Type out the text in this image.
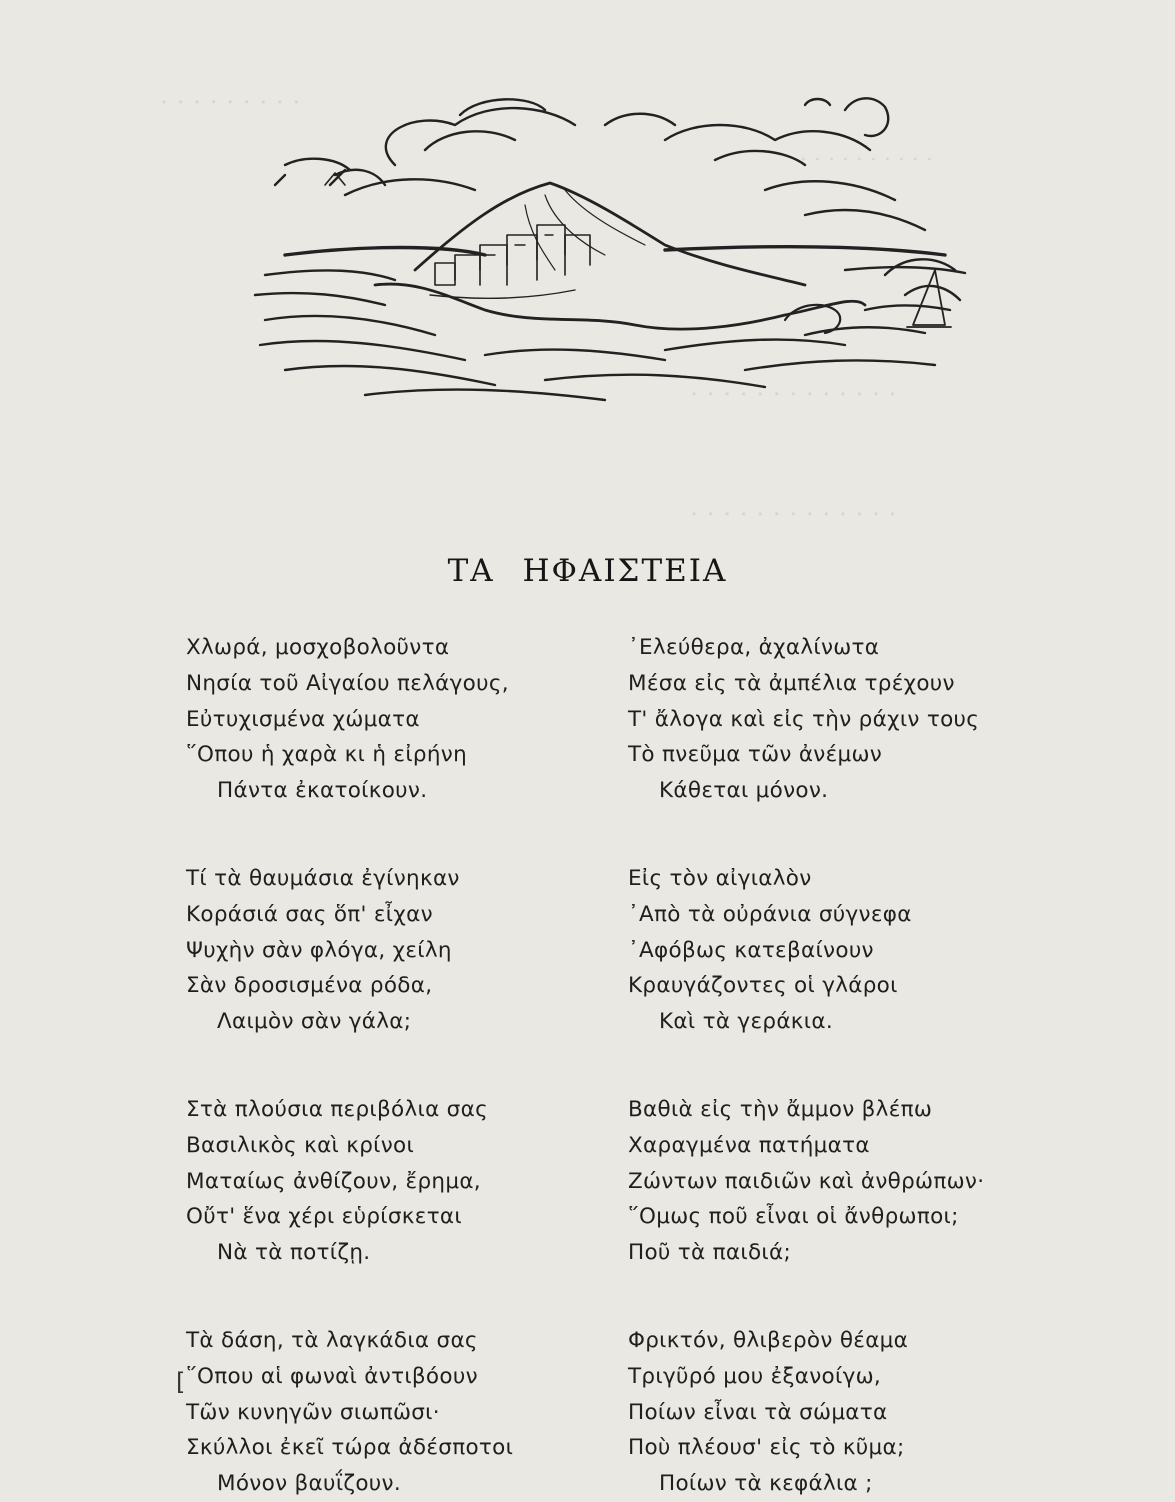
· · · · · · · · ·
· · · · · · · · · ·
· · · · · · · · · · · · ·
· · · · · · · · · · · · ·
ΤΑ ΗΦΑΙΣΤΕΙΑ
Χλωρά, μοσχοβολοῦντα
Νησία τοῦ Αἰγαίου πελάγους,
Εὐτυχισμένα χώματα
῞Οπου ἡ χαρὰ κι ἡ εἰρήνη
Πάντα ἐκατοίκουν.
Τί τὰ θαυμάσια ἐγίνηκαν
Κοράσιά σας ὅπ' εἶχαν
Ψυχὴν σὰν φλόγα, χείλη
Σὰν δροσισμένα ρόδα,
Λαιμὸν σὰν γάλα;
Στὰ πλούσια περιβόλια σας
Βασιλικὸς καὶ κρίνοι
Ματαίως ἀνθίζουν, ἔρημα,
Οὔτ' ἕνα χέρι εὑρίσκεται
Νὰ τὰ ποτίζῃ.
Τὰ δάση, τὰ λαγκάδια σας
῞Οπου αἱ φωναὶ ἀντιβόουν
Τῶν κυνηγῶν σιωπῶσι·
Σκύλλοι ἐκεῖ τώρα ἀδέσποτοι
Μόνον βαυΐζουν.
᾿Ελεύθερα, ἀχαλίνωτα
Μέσα εἰς τὰ ἀμπέλια τρέχουν
Τ' ἄλογα καὶ εἰς τὴν ράχιν τους
Τὸ πνεῦμα τῶν ἀνέμων
Κάθεται μόνον.
Εἰς τὸν αἰγιαλὸν
᾿Απὸ τὰ οὐράνια σύγνεφα
᾿Αφόβως κατεβαίνουν
Κραυγάζοντες οἱ γλάροι
Καὶ τὰ γεράκια.
Βαθιὰ εἰς τὴν ἄμμον βλέπω
Χαραγμένα πατήματα
Ζώντων παιδιῶν καὶ ἀνθρώπων·
῞Ομως ποῦ εἶναι οἱ ἄνθρωποι;
Ποῦ τὰ παιδιά;
Φρικτόν, θλιβερὸν θέαμα
Τριγῦρό μου ἐξανοίγω,
Ποίων εἶναι τὰ σώματα
Ποὺ πλέουσ' εἰς τὸ κῦμα;
Ποίων τὰ κεφάλια ;
[
